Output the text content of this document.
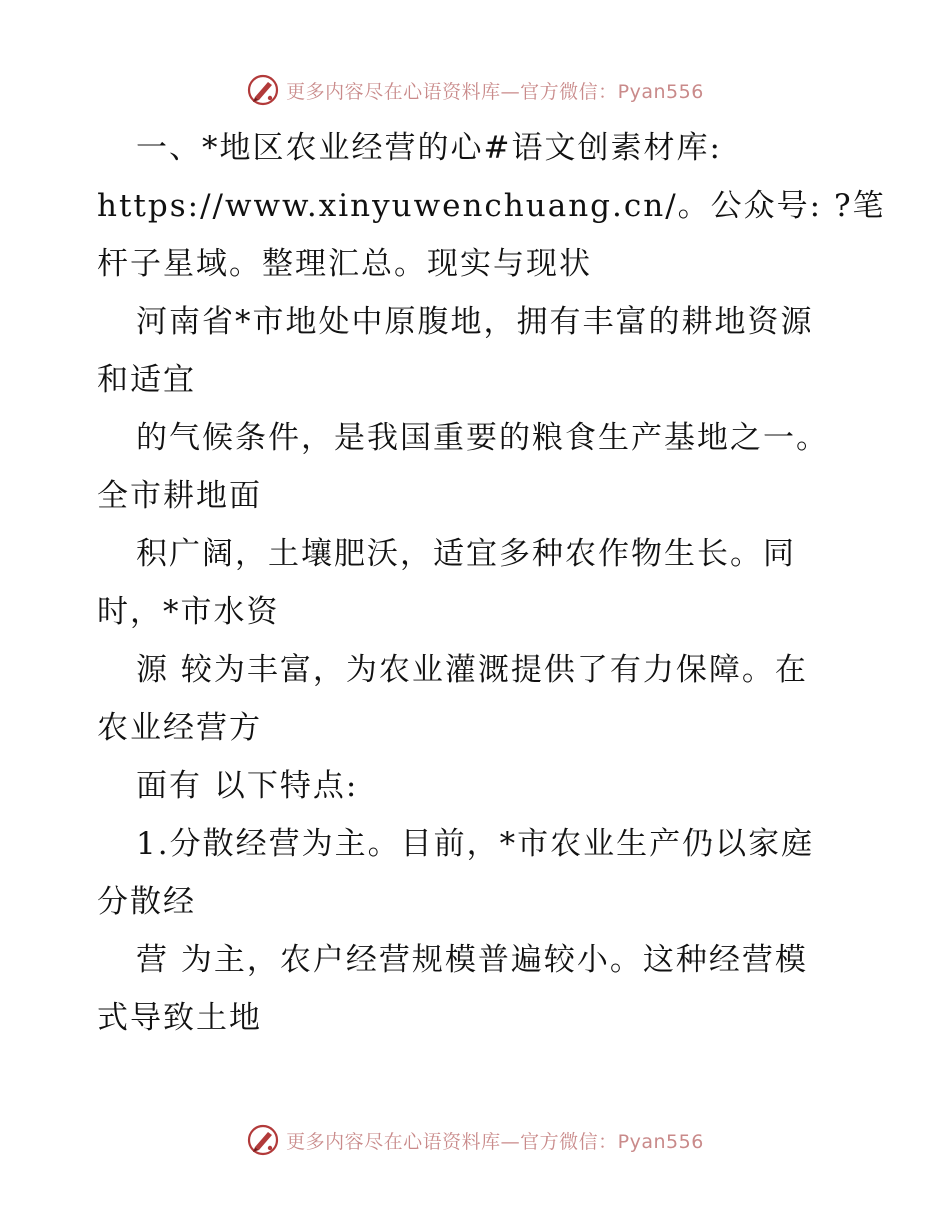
更多内容尽在心语资料库—官方微信：Pyan556
一、*地区农业经营的心#语文创素材库:
https://www.xinyuwenchuang.cn/。公众号: ?笔
杆子星域。整理汇总。现实与现状
河南省*市地处中原腹地，拥有丰富的耕地资源
和适宜
的气候条件，是我国重要的粮食生产基地之一。
全市耕地面
积广阔，土壤肥沃，适宜多种农作物生长。同
时，*市水资
源 较为丰富，为农业灌溉提供了有力保障。在
农业经营方
面有 以下特点:
1.分散经营为主。目前，*市农业生产仍以家庭
分散经
营 为主，农户经营规模普遍较小。这种经营模
式导致土地
更多内容尽在心语资料库—官方微信：Pyan556
